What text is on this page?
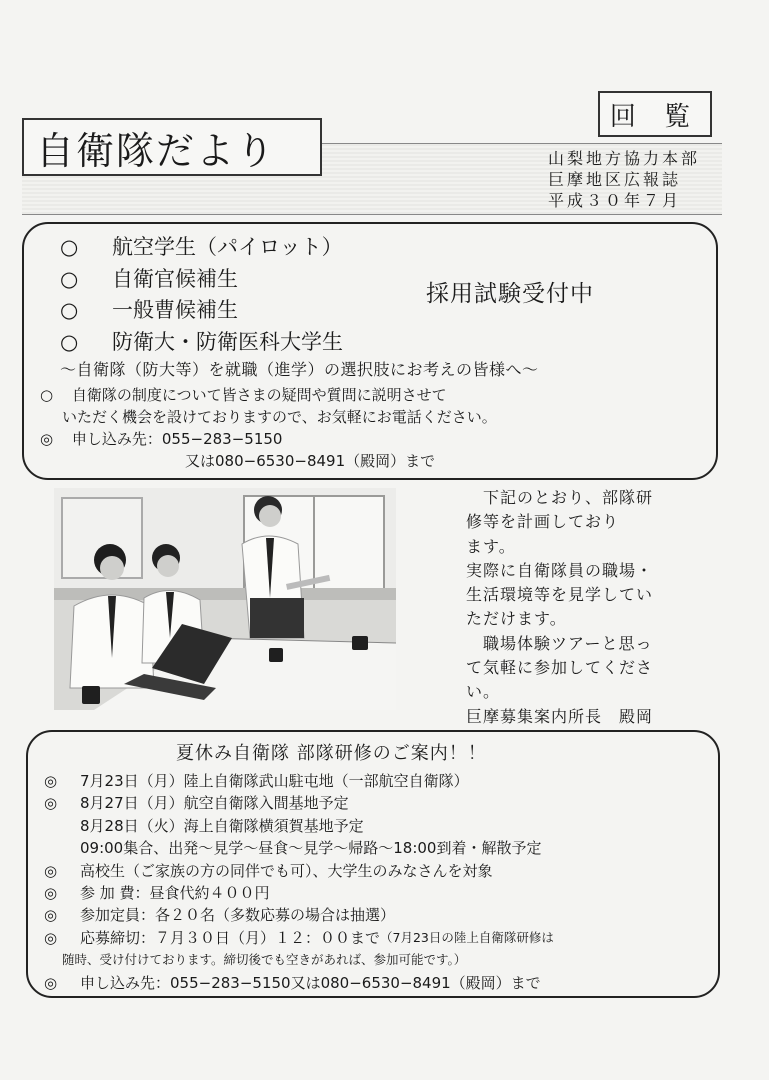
回 覧
自衛隊だより	山梨地方協力本部
巨摩地区広報誌
平成３０年７月
○	航空学生（パイロット）
○	自衛官候補生
○	一般曹候補生
○	防衛大・防衛医科大学生
採用試験受付中
～自衛隊（防大等）を就職（進学）の選択肢にお考えの皆様へ～
○ 自衛隊の制度について皆さまの疑問や質問に説明させて
いただく機会を設けておりますので、お気軽にお電話ください。
◎ 申し込み先：055−283−5150
又は080−6530−8491（殿岡）まで
　下記のとおり、部隊研
修等を計画しており
ます。
実際に自衛隊員の職場・
生活環境等を見学してい
ただけます。
　職場体験ツアーと思っ
て気軽に参加してくださ
い。
巨摩募集案内所長　殿岡
夏休み自衛隊 部隊研修のご案内！！
◎	7月23日（月）陸上自衛隊武山駐屯地（一部航空自衛隊）
◎	8月27日（月）航空自衛隊入間基地予定
8月28日（火）海上自衛隊横須賀基地予定
09:00集合、出発～見学～昼食～見学～帰路～18:00到着・解散予定
◎	高校生（ご家族の方の同伴でも可）、大学生のみなさんを対象
◎	参 加 費：昼食代約４００円
◎	参加定員：各２０名（多数応募の場合は抽選）
◎	応募締切：７月３０日（月）１２：００まで （7月23日の陸上自衛隊研修は
随時、受け付けております。締切後でも空きがあれば、参加可能です。）
◎	申し込み先：055−283−5150又は080−6530−8491（殿岡）まで
